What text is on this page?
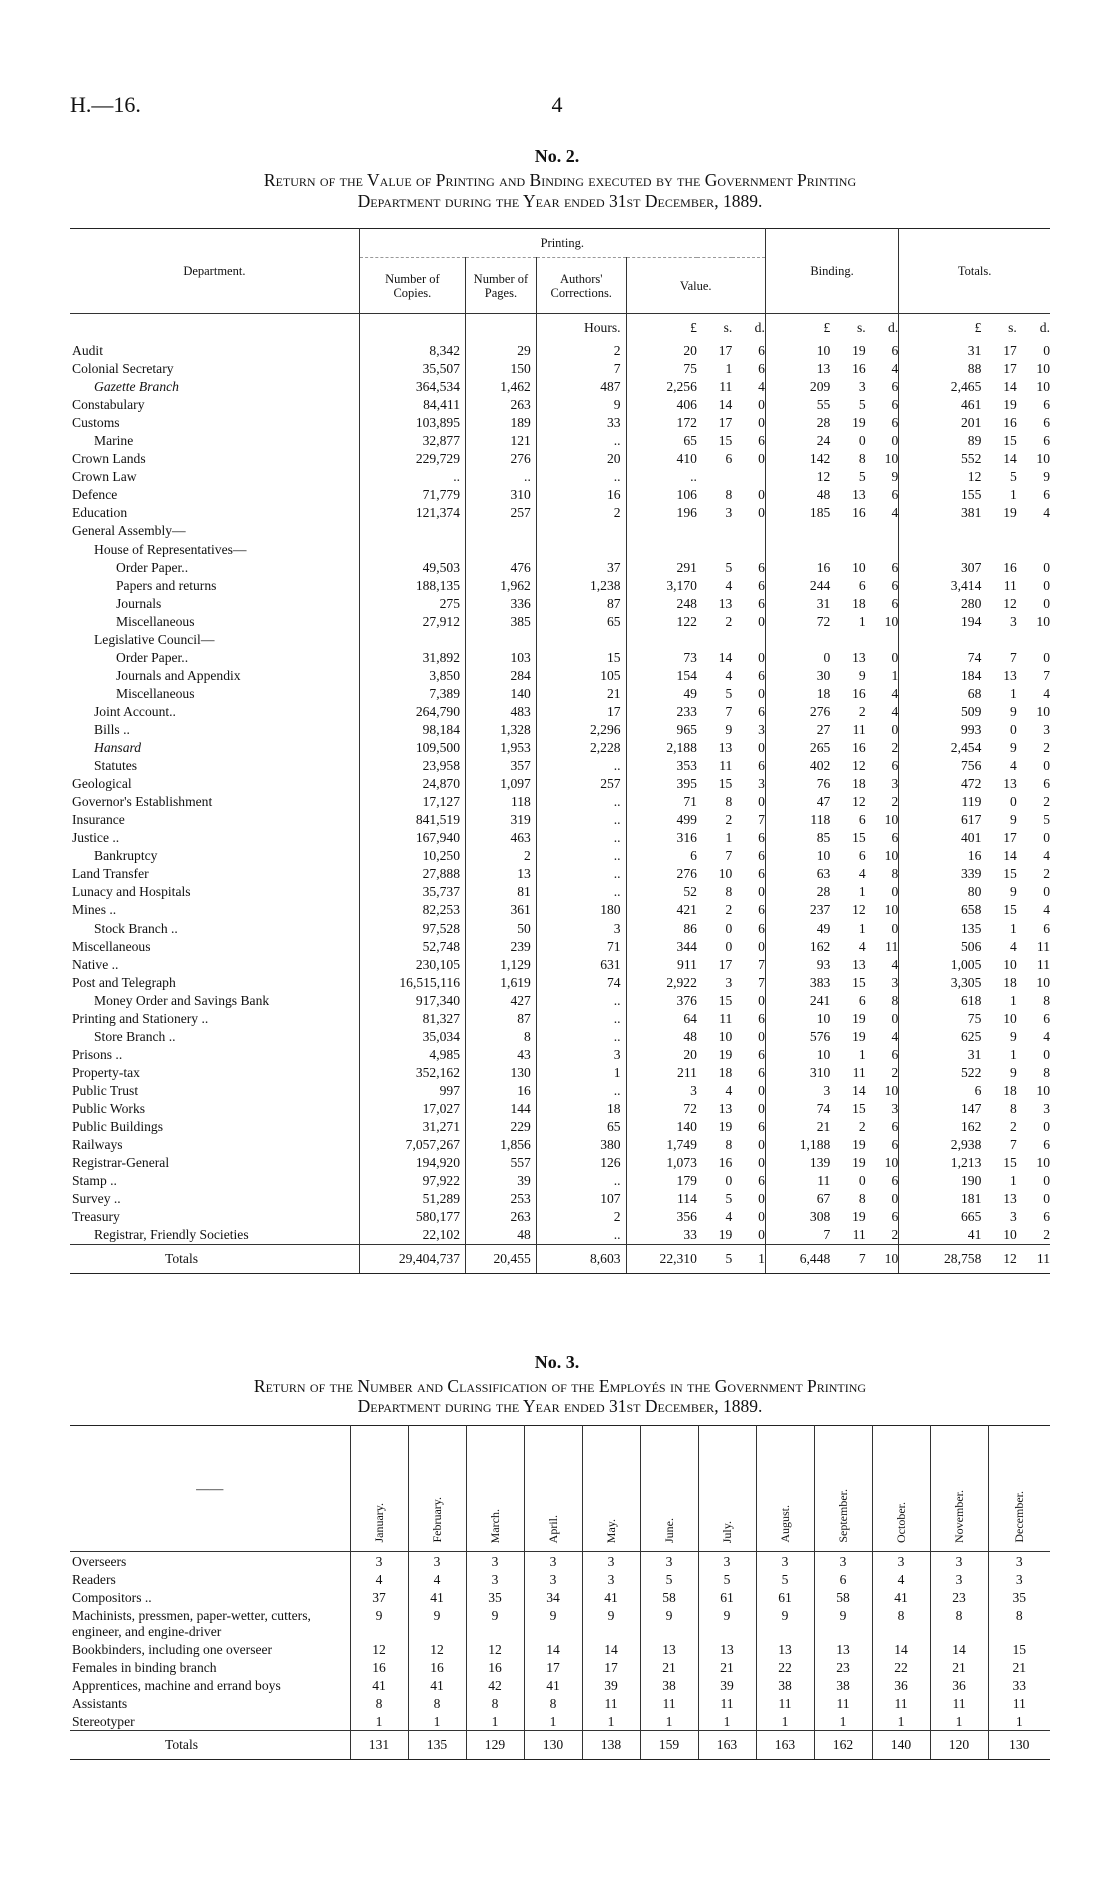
H.—16.	4
No. 2.
Return of the Value of Printing and Binding executed by the Government Printing
Department during the Year ended 31st December, 1889.
Department.	Printing.						Binding.			Totals.		
	Number of Copies.	Number of Pages.	Authors' Corrections.	Value.								
			Hours.	£	s.	d.	£	s.	d.	£	s.	d.
Audit	8,342	29	2	20	17	6	10	19	6	31	17	0
Colonial Secretary	35,507	150	7	75	1	6	13	16	4	88	17	10
Gazette Branch	364,534	1,462	487	2,256	11	4	209	3	6	2,465	14	10
Constabulary	84,411	263	9	406	14	0	55	5	6	461	19	6
Customs	103,895	189	33	172	17	0	28	19	6	201	16	6
Marine	32,877	121	..	65	15	6	24	0	0	89	15	6
Crown Lands	229,729	276	20	410	6	0	142	8	10	552	14	10
Crown Law	..	..	..	..			12	5	9	12	5	9
Defence	71,779	310	16	106	8	0	48	13	6	155	1	6
Education	121,374	257	2	196	3	0	185	16	4	381	19	4
General Assembly—												
House of Representatives—												
Order Paper..	49,503	476	37	291	5	6	16	10	6	307	16	0
Papers and returns	188,135	1,962	1,238	3,170	4	6	244	6	6	3,414	11	0
Journals	275	336	87	248	13	6	31	18	6	280	12	0
Miscellaneous	27,912	385	65	122	2	0	72	1	10	194	3	10
Legislative Council—												
Order Paper..	31,892	103	15	73	14	0	0	13	0	74	7	0
Journals and Appendix	3,850	284	105	154	4	6	30	9	1	184	13	7
Miscellaneous	7,389	140	21	49	5	0	18	16	4	68	1	4
Joint Account..	264,790	483	17	233	7	6	276	2	4	509	9	10
Bills ..	98,184	1,328	2,296	965	9	3	27	11	0	993	0	3
Hansard	109,500	1,953	2,228	2,188	13	0	265	16	2	2,454	9	2
Statutes	23,958	357	..	353	11	6	402	12	6	756	4	0
Geological	24,870	1,097	257	395	15	3	76	18	3	472	13	6
Governor's Establishment	17,127	118	..	71	8	0	47	12	2	119	0	2
Insurance	841,519	319	..	499	2	7	118	6	10	617	9	5
Justice ..	167,940	463	..	316	1	6	85	15	6	401	17	0
Bankruptcy	10,250	2	..	6	7	6	10	6	10	16	14	4
Land Transfer	27,888	13	..	276	10	6	63	4	8	339	15	2
Lunacy and Hospitals	35,737	81	..	52	8	0	28	1	0	80	9	0
Mines ..	82,253	361	180	421	2	6	237	12	10	658	15	4
Stock Branch ..	97,528	50	3	86	0	6	49	1	0	135	1	6
Miscellaneous	52,748	239	71	344	0	0	162	4	11	506	4	11
Native ..	230,105	1,129	631	911	17	7	93	13	4	1,005	10	11
Post and Telegraph	16,515,116	1,619	74	2,922	3	7	383	15	3	3,305	18	10
Money Order and Savings Bank	917,340	427	..	376	15	0	241	6	8	618	1	8
Printing and Stationery ..	81,327	87	..	64	11	6	10	19	0	75	10	6
Store Branch ..	35,034	8	..	48	10	0	576	19	4	625	9	4
Prisons ..	4,985	43	3	20	19	6	10	1	6	31	1	0
Property-tax	352,162	130	1	211	18	6	310	11	2	522	9	8
Public Trust	997	16	..	3	4	0	3	14	10	6	18	10
Public Works	17,027	144	18	72	13	0	74	15	3	147	8	3
Public Buildings	31,271	229	65	140	19	6	21	2	6	162	2	0
Railways	7,057,267	1,856	380	1,749	8	0	1,188	19	6	2,938	7	6
Registrar-General	194,920	557	126	1,073	16	0	139	19	10	1,213	15	10
Stamp ..	97,922	39	..	179	0	6	11	0	6	190	1	0
Survey ..	51,289	253	107	114	5	0	67	8	0	181	13	0
Treasury	580,177	263	2	356	4	0	308	19	6	665	3	6
Registrar, Friendly Societies	22,102	48	..	33	19	0	7	11	2	41	10	2
Totals	29,404,737	20,455	8,603	22,310	5	1	6,448	7	10	28,758	12	11
No. 3.
Return of the Number and Classification of the Employés in the Government Printing
Department during the Year ended 31st December, 1889.
——	January.	February.	March.	April.	May.	June.	July.	August.	September.	October.	November.	December.

Overseers	3	3	3	3	3	3	3	3	3	3	3	3
Readers	4	4	3	3	3	5	5	5	6	4	3	3
Compositors ..	37	41	35	34	41	58	61	61	58	41	23	35
Machinists, pressmen, paper-wetter, cutters, engineer, and engine-driver	9	9	9	9	9	9	9	9	9	8	8	8
Bookbinders, including one overseer	12	12	12	14	14	13	13	13	13	14	14	15
Females in binding branch	16	16	16	17	17	21	21	22	23	22	21	21
Apprentices, machine and errand boys	41	41	42	41	39	38	39	38	38	36	36	33
Assistants	8	8	8	8	11	11	11	11	11	11	11	11
Stereotyper	1	1	1	1	1	1	1	1	1	1	1	1
Totals	131	135	129	130	138	159	163	163	162	140	120	130
